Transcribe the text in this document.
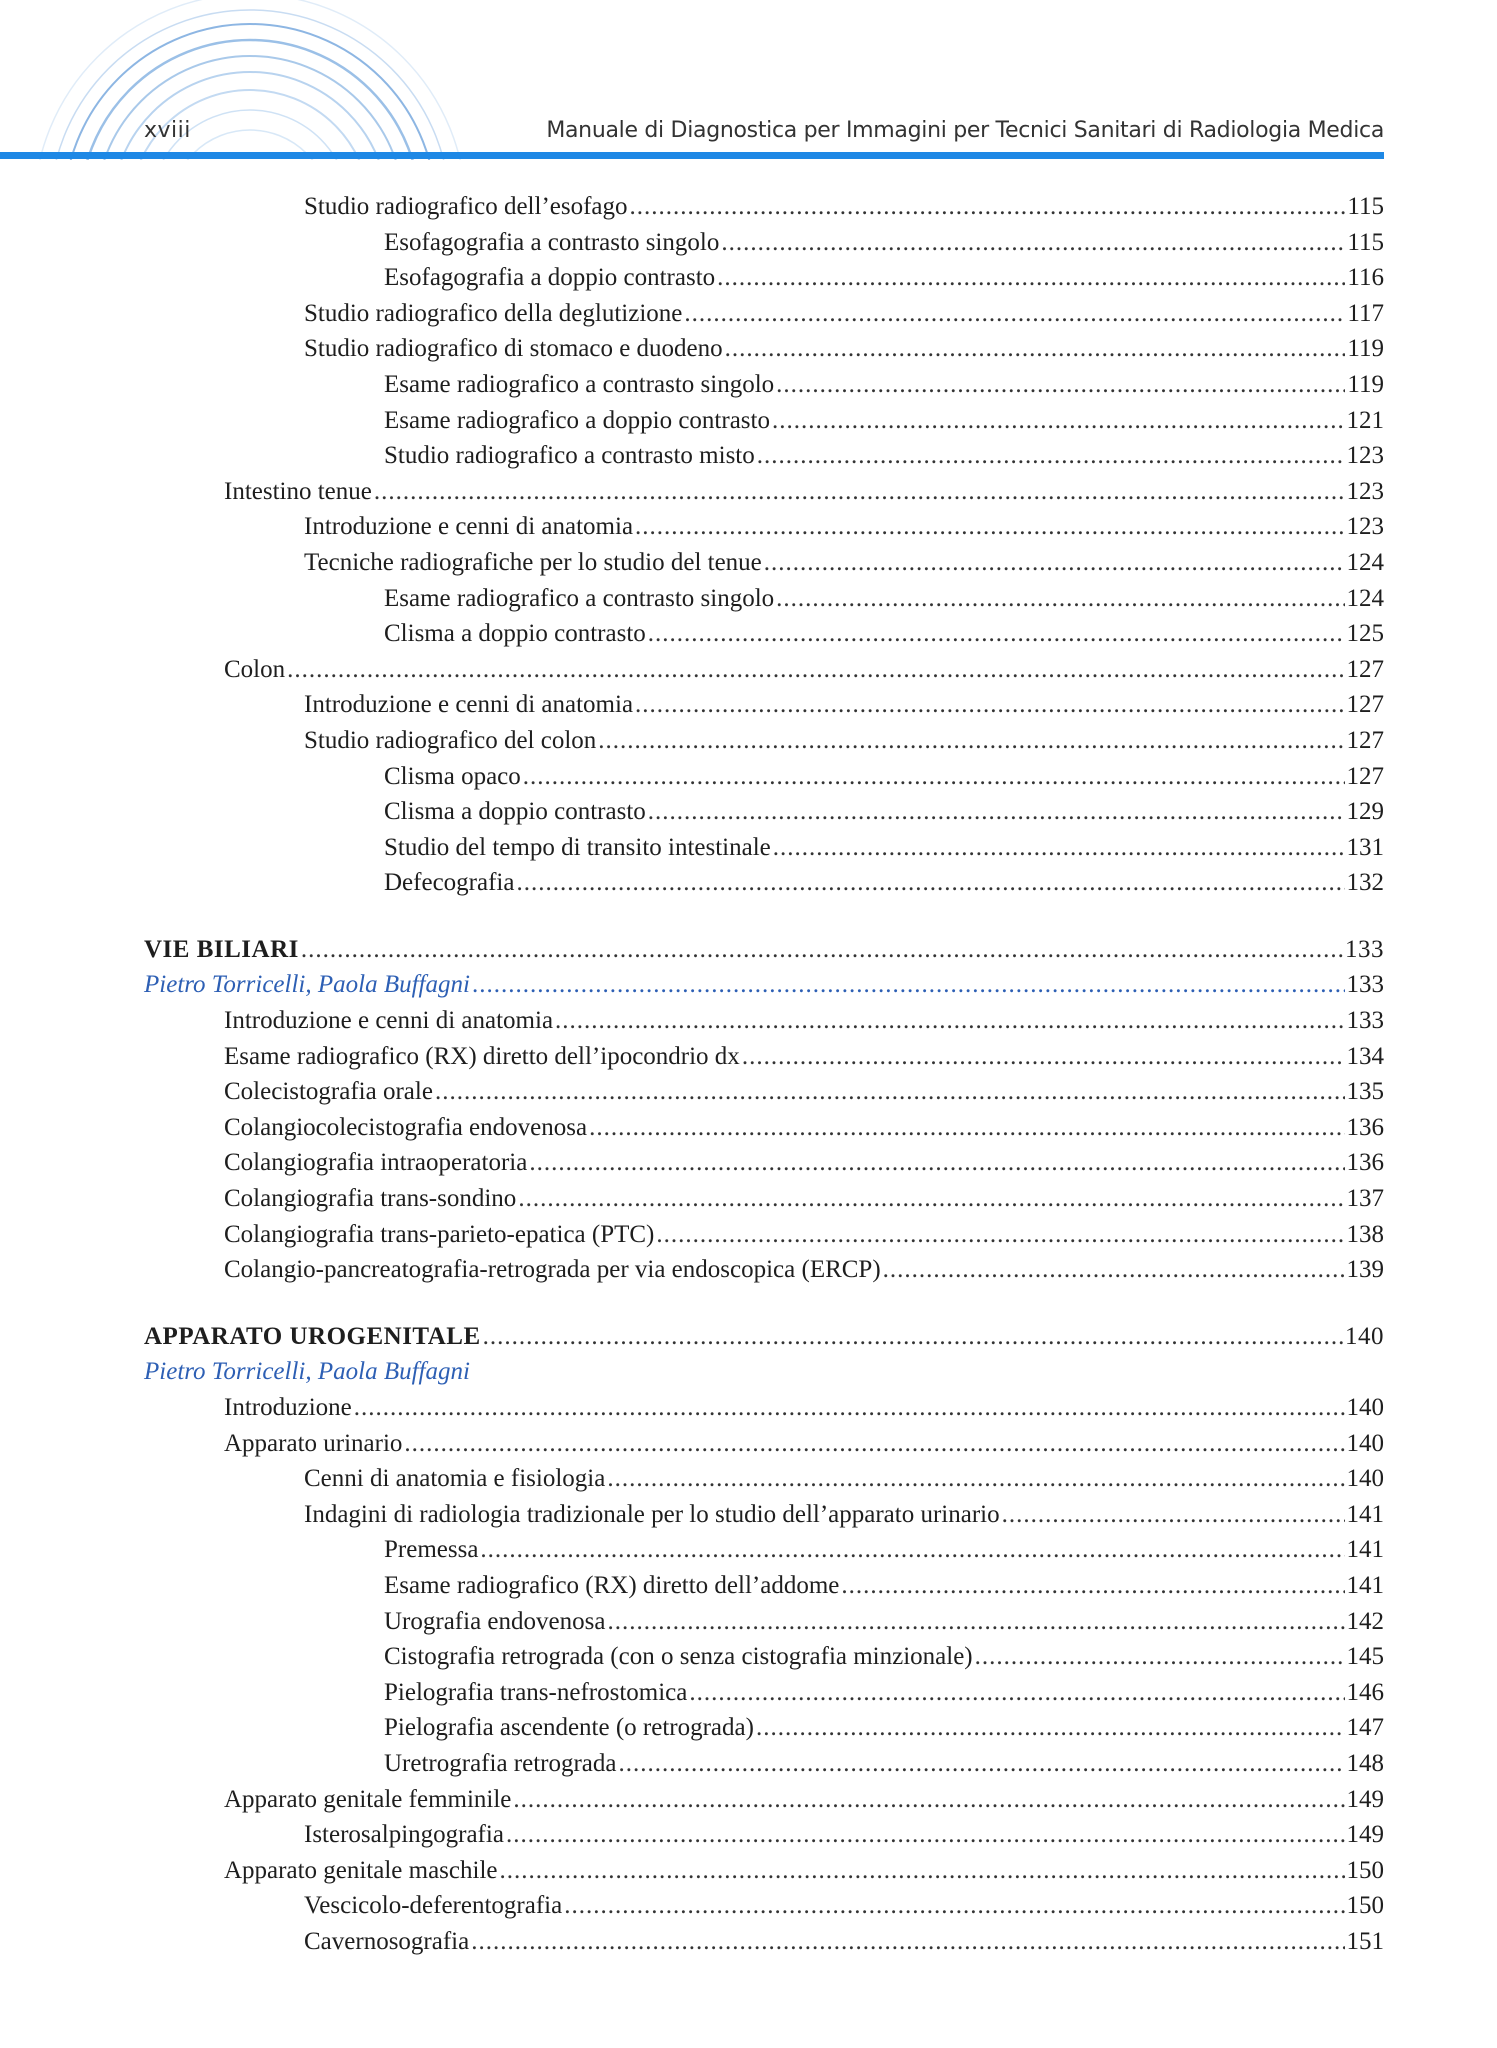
xviii	Manuale di Diagnostica per Immagini per Tecnici Sanitari di Radiologia Medica
Studio radiografico dell’esofago .....	115
Esofagografia a contrasto singolo .....	115
Esofagografia a doppio contrasto .....	116
Studio radiografico della deglutizione .....	117
Studio radiografico di stomaco e duodeno .....	119
Esame radiografico a contrasto singolo .....	119
Esame radiografico a doppio contrasto .....	121
Studio radiografico a contrasto misto .....	123
Intestino tenue .....	123
Introduzione e cenni di anatomia .....	123
Tecniche radiografiche per lo studio del tenue .....	124
Esame radiografico a contrasto singolo .....	124
Clisma a doppio contrasto .....	125
Colon .....	127
Introduzione e cenni di anatomia .....	127
Studio radiografico del colon .....	127
Clisma opaco .....	127
Clisma a doppio contrasto .....	129
Studio del tempo di transito intestinale .....	131
Defecografia .....	132
VIE BILIARI .....	133
Pietro Torricelli, Paola Buffagni .....	133
Introduzione e cenni di anatomia .....	133
Esame radiografico (RX) diretto dell’ipocondrio dx .....	134
Colecistografia orale .....	135
Colangiocolecistografia endovenosa .....	136
Colangiografia intraoperatoria .....	136
Colangiografia trans-sondino .....	137
Colangiografia trans-parieto-epatica (PTC) .....	138
Colangio-pancreatografia-retrograda per via endoscopica (ERCP) .....	139
APPARATO UROGENITALE .....	140
Pietro Torricelli, Paola Buffagni
Introduzione .....	140
Apparato urinario .....	140
Cenni di anatomia e fisiologia .....	140
Indagini di radiologia tradizionale per lo studio dell’apparato urinario .....	141
Premessa .....	141
Esame radiografico (RX) diretto dell’addome .....	141
Urografia endovenosa .....	142
Cistografia retrograda (con o senza cistografia minzionale) .....	145
Pielografia trans-nefrostomica .....	146
Pielografia ascendente (o retrograda) .....	147
Uretrografia retrograda .....	148
Apparato genitale femminile .....	149
Isterosalpingografia .....	149
Apparato genitale maschile .....	150
Vescicolo-deferentografia .....	150
Cavernosografia .....	151
